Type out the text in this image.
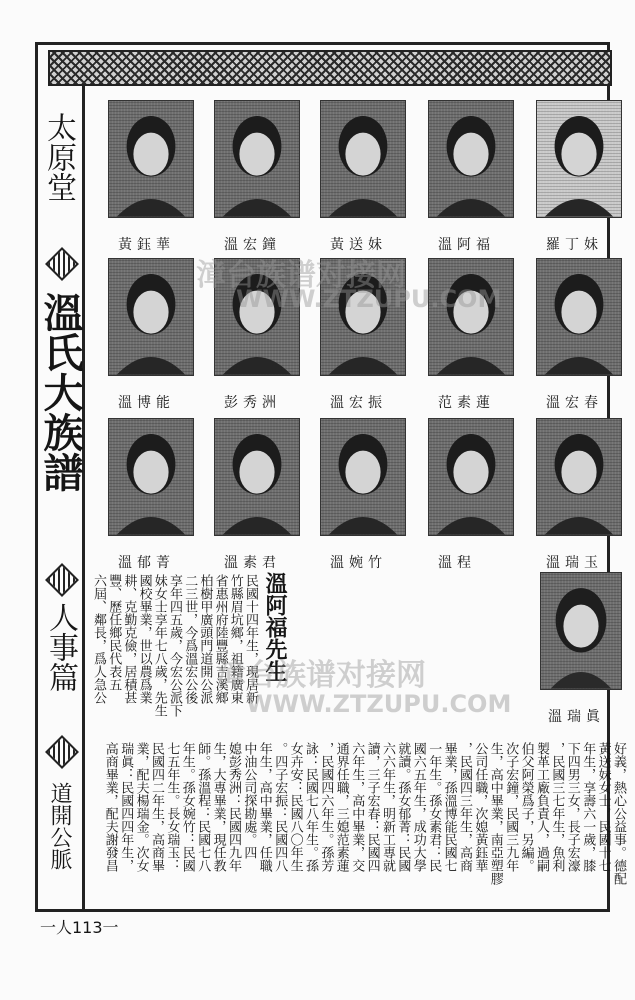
太原堂
溫氏大族譜
人事篇
道開公脈
黃鈺華	溫宏鐘	黃送妹	溫阿福	羅丁妹
溫博能	彭秀洲	溫宏振	范素蓮	溫宏春
溫郁菁	溫素君	溫婉竹	溫程	溫瑞玉
溫瑞眞
溫阿福先生
民國十四年生，現居新
竹縣眉坑鄉，祖籍廣東
省惠州府陸豐縣吉溪鄉
柏樹甲廣頭門道開公派
二三世，今爲溫宏公後
享年四五歲，今宏公派下
妹女士享年七八歲，先生
國校畢業，世以農爲業
耕、克勤克儉，居積甚
豐、歷任鄉民代表五
六屆、鄰長，爲人急公
好義，熱心公益事。德配
黃送妹女士，民國十七
年生，享壽六一歲，膝
下四男三女，長子宏濠
，民國三七年生，魚利
製革工廠負責人，過嗣
伯父阿榮爲子，另編。
次子宏鐘，民國三九年
生，高中畢業，南亞塑膠
公司任職，次媳黃鈺華
，民國四三年生，高商
畢業，孫溫博能民國七
一年生。孫女素君：民
國六五年生，成功大學
就讀。孫女郁菁：民國
六六年生，明新工專就
讀，三子宏春：民國四
六年生，高中畢業，交
通界任職，三媳范素蓮
，民國四六年生。孫芳
詠：民國七八年生。孫
女卉安：民國八〇年生
。四子宏振：民國四八
年生，高中畢業，任職
中油公司探勘處。四
媳彭秀洲：民國四九年
生，大專畢業，現任教
師。孫溫程：民國七八
年生。孫女婉竹：民國
七五年生。長女瑞玉：
民國四二年生，高商畢
業，配夫楊瑞金。次女
瑞眞：民國四四年生，
高商畢業，配夫謝發昌
漳台族谱对接网
WWW.ZTZUPU.COM
漳台族谱对接网
WWW.ZTZUPU.COM
一人113一
